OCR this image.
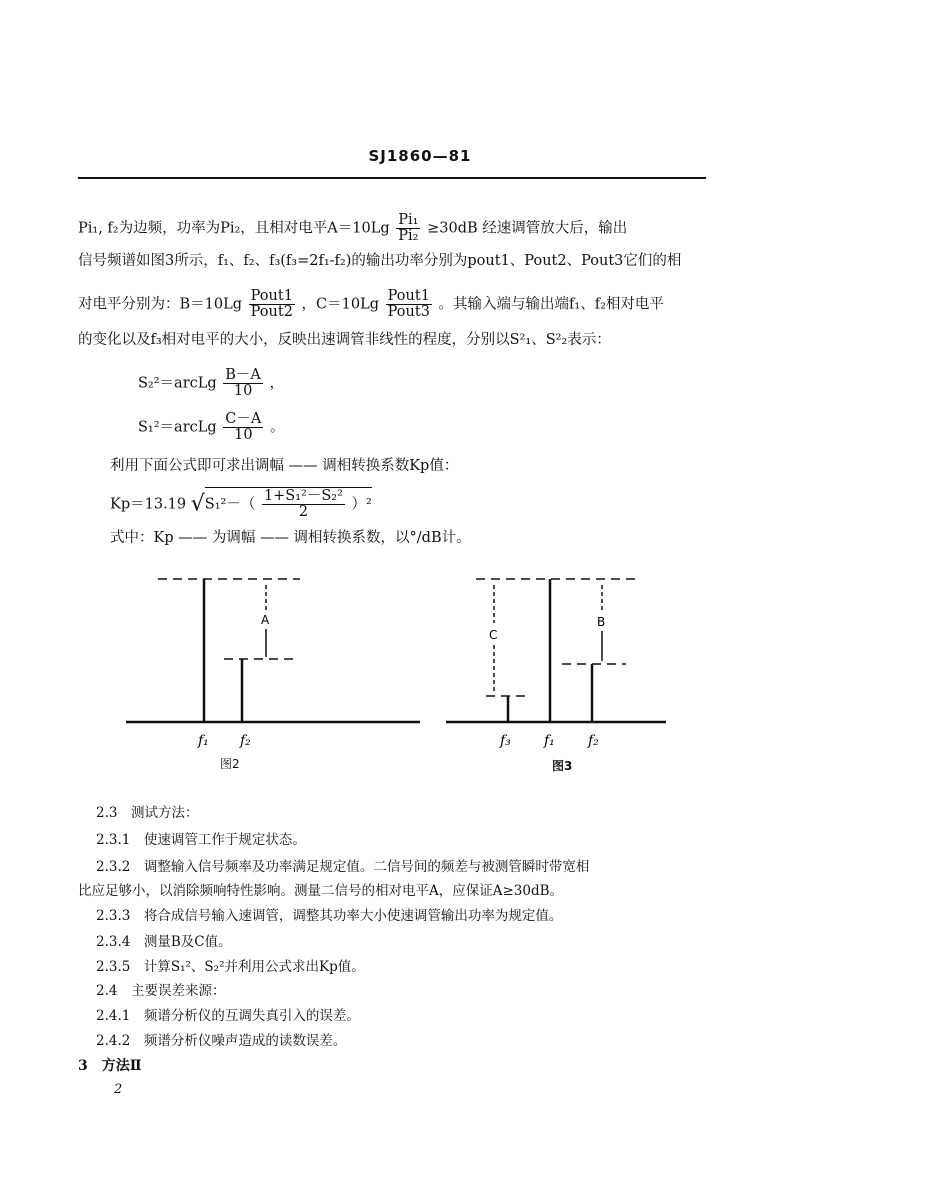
SJ1860—81
Pi₁, f₂为边频，功率为Pi₂，且相对电平$A=10Lg \frac{\text{Pi₁}}{\text{Pi₂}} \ge 30dB$ 经速调管放大后，输出
信号频谱如图3所示，f₁、f₂、f₃(f₃=2f₁-f₂)的输出功率分别为pout1、Pout2、Pout3它们的相
对电平分别为：$B=10Lg \frac{\text{Pout1}}{\text{Pout2}}$ ，$C=10Lg \frac{\text{Pout1}}{\text{Pout3}}$ 。其输入端与输出端f₁、f₂相对电平
的变化以及f₃相对电平的大小，反映出速调管非线性的程度，分别以S²₁、S²₂表示：
S₂²＝arcLg $\frac{B-A}{10}$ ，
S₁²＝arcLg $\frac{C-A}{10}$ 。
利用下面公式即可求出调幅 —— 调相转换系数Kp值：
Kp＝13.19 $√S_1^2-( \frac{\text{1+S₁²－S₂²}}{2} )^2$
式中：Kp —— 为调幅 —— 调相转换系数，以°/dB计。
A
f₁ f₂
图2
C
B
f₃ f₁ f₂
图3
2.3　测试方法：
2.3.1　使速调管工作于规定状态。
2.3.2　调整输入信号频率及功率满足规定值。二信号间的频差与被测管瞬时带宽相
比应足够小，以消除频响特性影响。测量二信号的相对电平A，应保证A≥30dB。
2.3.3　将合成信号输入速调管，调整其功率大小使速调管输出功率为规定值。
2.3.4　测量B及C值。
2.3.5　计算S₁²、S₂²并利用公式求出Kp值。
2.4　主要误差来源：
2.4.1　频谱分析仪的互调失真引入的误差。
2.4.2　频谱分析仪噪声造成的读数误差。
3　方法Ⅱ
2
